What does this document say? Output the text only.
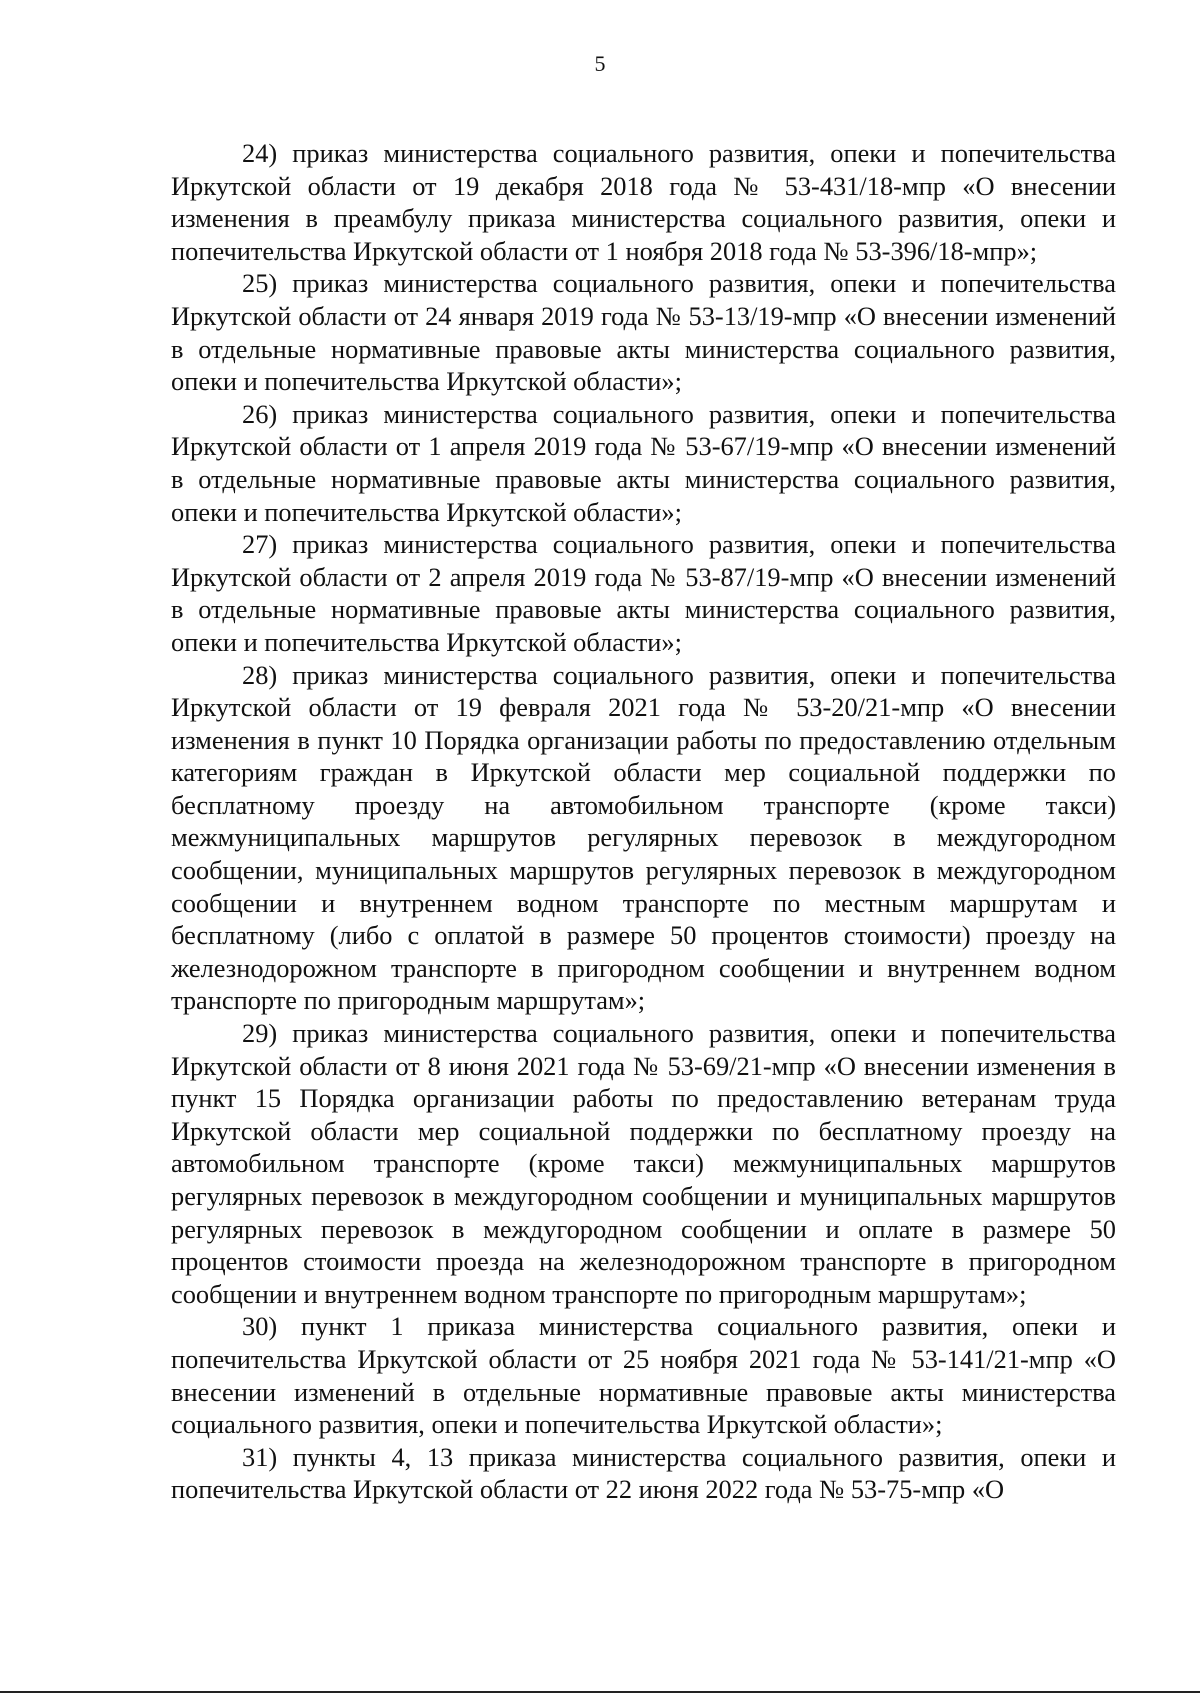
5

24) приказ министерства социального развития, опеки и попечительства Иркутской области от 19 декабря 2018 года № 53-431/18-мпр «О внесении изменения в преамбулу приказа министерства социального развития, опеки и попечительства Иркутской области от 1 ноября 2018 года № 53-396/18-мпр»;

25) приказ министерства социального развития, опеки и попечительства Иркутской области от 24 января 2019 года № 53-13/19-мпр «О внесении изменений в отдельные нормативные правовые акты министерства социального развития, опеки и попечительства Иркутской области»;

26) приказ министерства социального развития, опеки и попечительства Иркутской области от 1 апреля 2019 года № 53-67/19-мпр «О внесении изменений в отдельные нормативные правовые акты министерства социального развития, опеки и попечительства Иркутской области»;

27) приказ министерства социального развития, опеки и попечительства Иркутской области от 2 апреля 2019 года № 53-87/19-мпр «О внесении изменений в отдельные нормативные правовые акты министерства социального развития, опеки и попечительства Иркутской области»;

28) приказ министерства социального развития, опеки и попечительства Иркутской области от 19 февраля 2021 года № 53-20/21-мпр «О внесении изменения в пункт 10 Порядка организации работы по предоставлению отдельным категориям граждан в Иркутской области мер социальной поддержки по бесплатному проезду на автомобильном транспорте (кроме такси) межмуниципальных маршрутов регулярных перевозок в междугородном сообщении, муниципальных маршрутов регулярных перевозок в междугородном сообщении и внутреннем водном транспорте по местным маршрутам и бесплатному (либо с оплатой в размере 50 процентов стоимости) проезду на железнодорожном транспорте в пригородном сообщении и внутреннем водном транспорте по пригородным маршрутам»;

29) приказ министерства социального развития, опеки и попечительства Иркутской области от 8 июня 2021 года № 53-69/21-мпр «О внесении изменения в пункт 15 Порядка организации работы по предоставлению ветеранам труда Иркутской области мер социальной поддержки по бесплатному проезду на автомобильном транспорте (кроме такси) межмуниципальных маршрутов регулярных перевозок в междугородном сообщении и муниципальных маршрутов регулярных перевозок в междугородном сообщении и оплате в размере 50 процентов стоимости проезда на железнодорожном транспорте в пригородном сообщении и внутреннем водном транспорте по пригородным маршрутам»;

30) пункт 1 приказа министерства социального развития, опеки и попечительства Иркутской области от 25 ноября 2021 года № 53-141/21-мпр «О внесении изменений в отдельные нормативные правовые акты министерства социального развития, опеки и попечительства Иркутской области»;

31) пункты 4, 13 приказа министерства социального развития, опеки и попечительства Иркутской области от 22 июня 2022 года № 53-75-мпр «О
